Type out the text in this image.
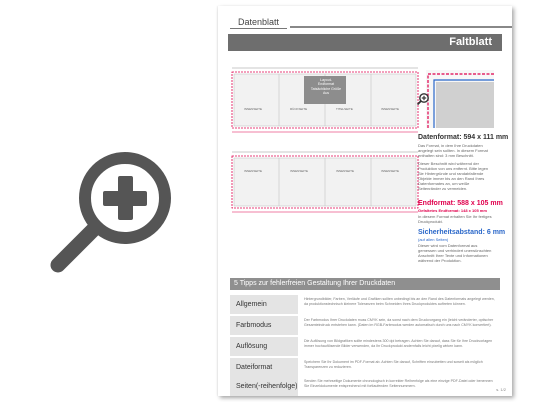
Datenblatt
Faltblatt
Layout-
Endformat
Tatsächliche Größe
Aus
INNENSEITE	RÜCKSEITE	TITELSEITE	INNENSEITE
INNENSEITE	INNENSEITE	INNENSEITE	INNENSEITE
Datenformat: 594 x 111 mm
Das Format, in dem Ihre Druckdaten angelegt sein sollten. In diesem Format enthalten sind: 3 mm Beschnitt.
Dieser Beschnitt wird während der Produktion von uns entfernt. Bitte legen Sie Hintergründe und randabfallende Objekte immer bis an den Rand Ihres Datenformates an, um weiße Seitenränder zu vermeiden.
Endformat: 588 x 105 mm
Gefaltetes Endformat: 148 x 105 mm
In diesem Format erhalten Sie Ihr fertiges Druckprodukt.
Sicherheitsabstand: 6 mm
(auf allen Seiten)
Dieser wird vom Datenformat aus gemessen und verhindert unerwünschten Anschnitt Ihrer Texte und Informationen während der Produktion.
5 Tipps zur fehlerfreien Gestaltung Ihrer Druckdaten
Allgemein
Hintergrundbilder, Farben, Verläufe und Grafiken sollten unbedingt bis an den Rand des Datenformats angelegt werden, da produktionstechnisch kleinere Toleranzen beim Schneiden Ihres Druckproduktes auftreten können.
Farbmodus
Der Farbmodus Ihrer Druckdaten muss CMYK sein, da sonst nach dem Druckvorgang ein (leicht veränderter, optischer Gesamteindruck entstehen kann. (Daten im RGB-Farbmodus werden automatisch durch uns nach CMYK konvertiert).
Auflösung
Die Auflösung von Bildgrafiken sollte mindestens 300 dpi betragen. Achten Sie darauf, dass Sie für Ihre Druckvorlagen immer hochauflösende Bilder verwenden, da Ihr Druckprodukt andernfalls leicht pixelig wirken kann.
Dateiformat
Speichern Sie Ihr Dokument im PDF-Format ab. Achten Sie darauf, Schriften einzubetten und soweit als möglich Transparenzen zu reduzieren.
Seiten(-reihenfolge)
Senden Sie mehrseitige Dokumente chronologisch in korrekter Reihenfolge als eine einzige PDF-Datei oder benennen Sie Einzeldokumente entsprechend mit fortlaufenden Seitennummern.
s. 1/2
